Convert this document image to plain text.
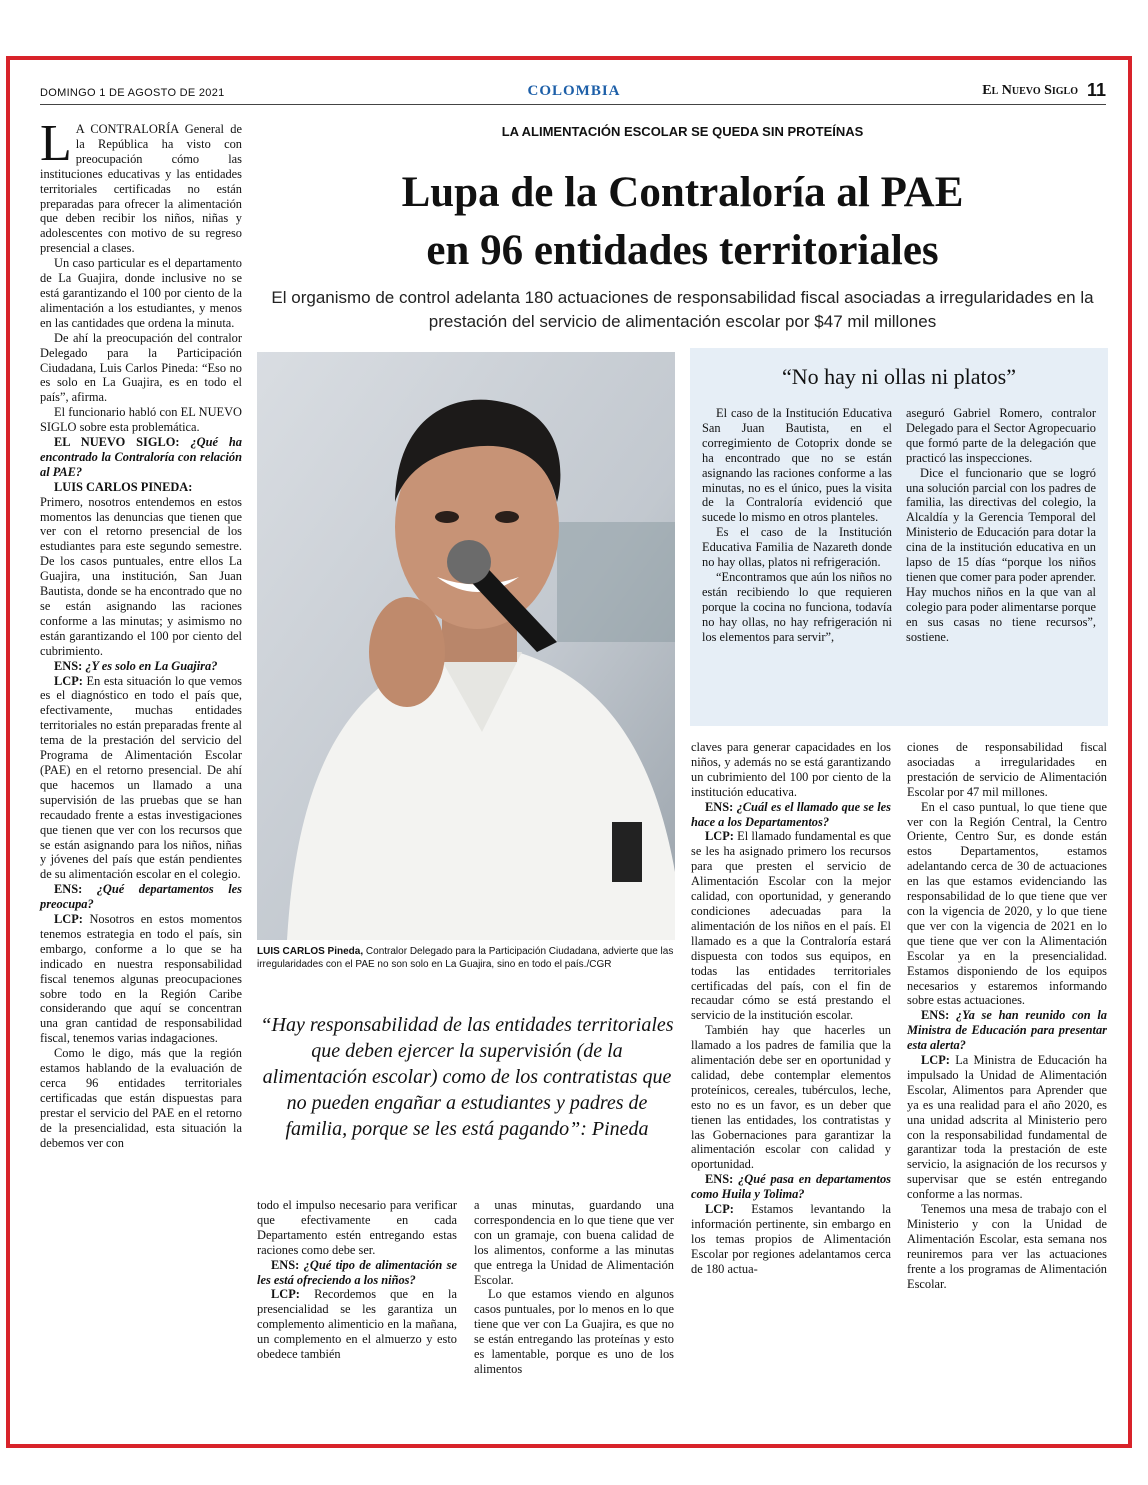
DOMINGO 1 DE AGOSTO DE 2021	COLOMBIA	El Nuevo Siglo 11
LA ALIMENTACIÓN ESCOLAR SE QUEDA SIN PROTEÍNAS
Lupa de la Contraloría al PAE
en 96 entidades territoriales
El organismo de control adelanta 180 actuaciones de responsabilidad fiscal asociadas a irregularidades en la prestación del servicio de alimentación escolar por $47 mil millones

L A CONTRALORÍA General de la República ha visto con preocupación cómo las instituciones educativas y las entidades territoriales certificadas no están preparadas para ofrecer la alimentación que deben recibir los niños, niñas y adolescentes con motivo de su regreso presencial a clases.

Un caso particular es el departamento de La Guajira, donde inclusive no se está garantizando el 100 por ciento de la alimentación a los estudiantes, y menos en las cantidades que ordena la minuta.

De ahí la preocupación del contralor Delegado para la Participación Ciudadana, Luis Carlos Pineda: “Eso no es solo en La Guajira, es en todo el país”, afirma.

El funcionario habló con EL NUEVO SIGLO sobre esta problemática.

EL NUEVO SIGLO: ¿Qué ha encontrado la Contraloría con relación al PAE?

LUIS CARLOS PINEDA:
Primero, nosotros entendemos en estos momentos las denuncias que tienen que ver con el retorno presencial de los estudiantes para este segundo semestre. De los casos puntuales, entre ellos La Guajira, una institución, San Juan Bautista, donde se ha encontrado que no se están asignando las raciones conforme a las minutas; y asimismo no están garantizando el 100 por ciento del cubrimiento.

ENS: ¿Y es solo en La Guajira?

LCP: En esta situación lo que vemos es el diagnóstico en todo el país que, efectivamente, muchas entidades territoriales no están preparadas frente al tema de la prestación del servicio del Programa de Alimentación Escolar (PAE) en el retorno presencial. De ahí que hacemos un llamado a una supervisión de las pruebas que se han recaudado frente a estas investigaciones que tienen que ver con los recursos que se están asignando para los niños, niñas y jóvenes del país que están pendientes de su alimentación escolar en el colegio.

ENS: ¿Qué departamentos les preocupa?

LCP: Nosotros en estos momentos tenemos estrategia en todo el país, sin embargo, conforme a lo que se ha indicado en nuestra responsabilidad fiscal tenemos algunas preocupaciones sobre todo en la Región Caribe considerando que aquí se concentran una gran cantidad de responsabilidad fiscal, tenemos varias indagaciones.

Como le digo, más que la región estamos hablando de la evaluación de cerca 96 entidades territoriales certificadas que están dispuestas para prestar el servicio del PAE en el retorno de la presencialidad, esta situación la debemos ver con

LUIS CARLOS Pineda, Contralor Delegado para la Participación Ciudadana, advierte que las irregularidades con el PAE no son solo en La Guajira, sino en todo el país./CGR
“Hay responsabilidad de las entidades territoriales que deben ejercer la supervisión (de la alimentación escolar) como de los contratistas que no pueden engañar a estudiantes y padres de familia, porque se les está pagando”: Pineda
“No hay ni ollas ni platos”

El caso de la Institución Educativa San Juan Bautista, en el corregimiento de Cotoprix donde se ha encontrado que no se están asignando las raciones conforme a las minutas, no es el único, pues la visita de la Contraloría evidenció que sucede lo mismo en otros planteles.

Es el caso de la Institución Educativa Familia de Nazareth donde no hay ollas, platos ni refrigeración.

“Encontramos que aún los niños no están recibiendo lo que requieren porque la cocina no funciona, todavía no hay ollas, no hay refrigeración ni los elementos para servir”,

aseguró Gabriel Romero, contralor Delegado para el Sector Agropecuario que formó parte de la delegación que practicó las inspecciones.

Dice el funcionario que se logró una solución parcial con los padres de familia, las directivas del colegio, la Alcaldía y la Gerencia Temporal del Ministerio de Educación para dotar la cina de la institución educativa en un lapso de 15 días “porque los niños tienen que comer para poder aprender. Hay muchos niños en la que van al colegio para poder alimentarse porque en sus casas no tiene recursos”, sostiene.

todo el impulso necesario para verificar que efectivamente en cada Departamento estén entregando estas raciones como debe ser.

ENS: ¿Qué tipo de alimentación se les está ofreciendo a los niños?

LCP: Recordemos que en la presencialidad se les garantiza un complemento alimenticio en la mañana, un complemento en el almuerzo y esto obedece también

a unas minutas, guardando una correspondencia en lo que tiene que ver con un gramaje, con buena calidad de los alimentos, conforme a las minutas que entrega la Unidad de Alimentación Escolar.

Lo que estamos viendo en algunos casos puntuales, por lo menos en lo que tiene que ver con La Guajira, es que no se están entregando las proteínas y esto es lamentable, porque es uno de los alimentos

claves para generar capacidades en los niños, y además no se está garantizando un cubrimiento del 100 por ciento de la institución educativa.

ENS: ¿Cuál es el llamado que se les hace a los Departamentos?

LCP: El llamado fundamental es que se les ha asignado primero los recursos para que presten el servicio de Alimentación Escolar con la mejor calidad, con oportunidad, y generando condiciones adecuadas para la alimentación de los niños en el país. El llamado es a que la Contraloría estará dispuesta con todos sus equipos, en todas las entidades territoriales certificadas del país, con el fin de recaudar cómo se está prestando el servicio de la institución escolar.

También hay que hacerles un llamado a los padres de familia que la alimentación debe ser en oportunidad y calidad, debe contemplar elementos proteínicos, cereales, tubérculos, leche, esto no es un favor, es un deber que tienen las entidades, los contratistas y las Gobernaciones para garantizar la alimentación escolar con calidad y oportunidad.

ENS: ¿Qué pasa en departamentos como Huila y Tolima?

LCP: Estamos levantando la información pertinente, sin embargo en los temas propios de Alimentación Escolar por regiones adelantamos cerca de 180 actua-

ciones de responsabilidad fiscal asociadas a irregularidades en prestación de servicio de Alimentación Escolar por 47 mil millones.

En el caso puntual, lo que tiene que ver con la Región Central, la Centro Oriente, Centro Sur, es donde están estos Departamentos, estamos adelantando cerca de 30 de actuaciones en las que estamos evidenciando las responsabilidad de lo que tiene que ver con la vigencia de 2020, y lo que tiene que ver con la vigencia de 2021 en lo que tiene que ver con la Alimentación Escolar ya en la presencialidad. Estamos disponiendo de los equipos necesarios y estaremos informando sobre estas actuaciones.

ENS: ¿Ya se han reunido con la Ministra de Educación para presentar esta alerta?

LCP: La Ministra de Educación ha impulsado la Unidad de Alimentación Escolar, Alimentos para Aprender que ya es una realidad para el año 2020, es una unidad adscrita al Ministerio pero con la responsabilidad fundamental de garantizar toda la prestación de este servicio, la asignación de los recursos y supervisar que se estén entregando conforme a las normas.

Tenemos una mesa de trabajo con el Ministerio y con la Unidad de Alimentación Escolar, esta semana nos reuniremos para ver las actuaciones frente a los programas de Alimentación Escolar.
